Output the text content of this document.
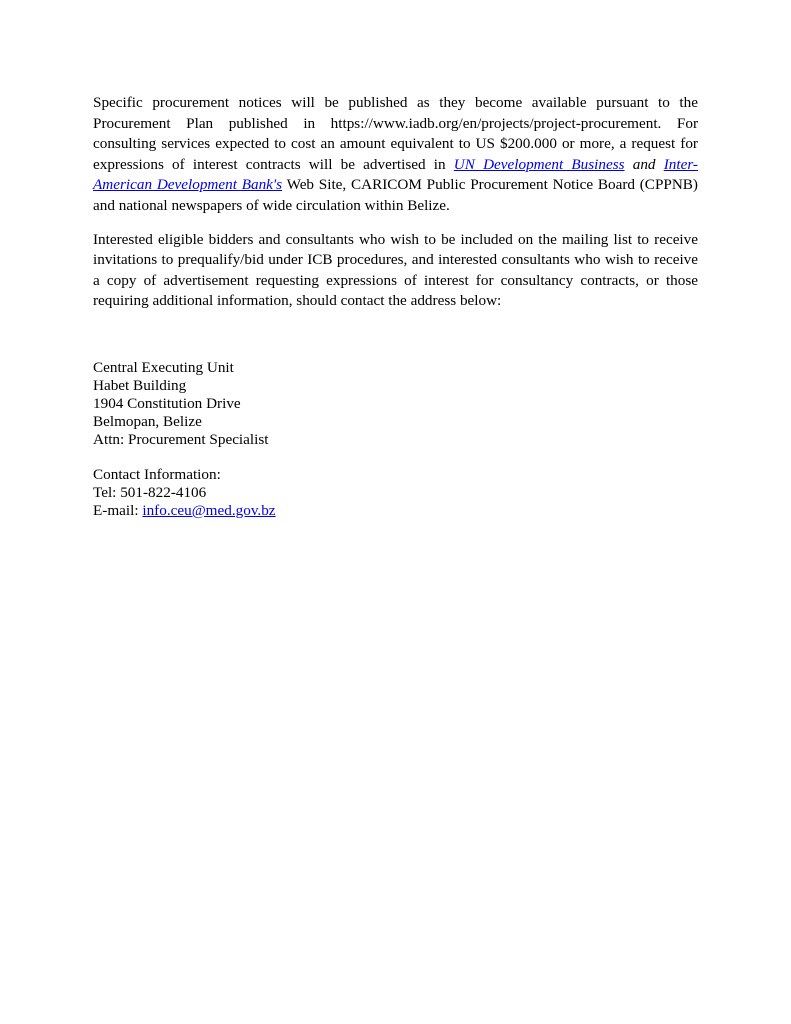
Specific procurement notices will be published as they become available pursuant to the Procurement Plan published in https://www.iadb.org/en/projects/project-procurement. For consulting services expected to cost an amount equivalent to US $200.000 or more, a request for expressions of interest contracts will be advertised in UN Development Business and Inter-American Development Bank's Web Site, CARICOM Public Procurement Notice Board (CPPNB) and national newspapers of wide circulation within Belize.

Interested eligible bidders and consultants who wish to be included on the mailing list to receive invitations to prequalify/bid under ICB procedures, and interested consultants who wish to receive a copy of advertisement requesting expressions of interest for consultancy contracts, or those requiring additional information, should contact the address below:

Central Executing Unit
Habet Building
1904 Constitution Drive
Belmopan, Belize
Attn: Procurement Specialist
Contact Information:
Tel: 501-822-4106
E-mail: info.ceu@med.gov.bz
